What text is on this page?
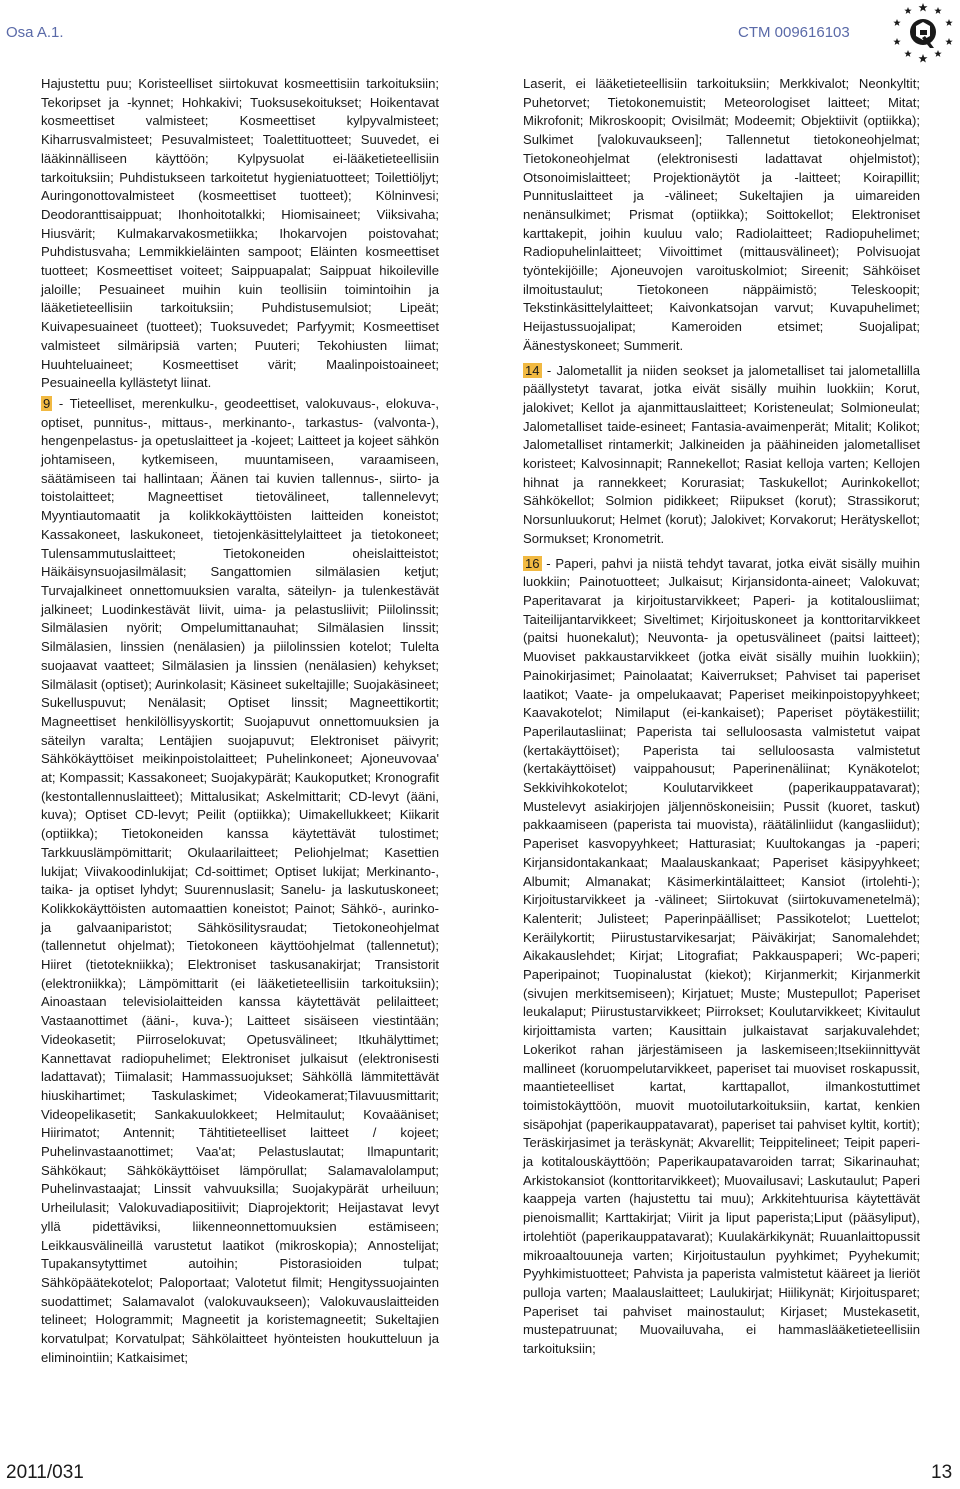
Osa A.1.	CTM 009616103

Hajustettu puu; Koristeelliset siirtokuvat kosmeettisiin tarkoituksiin; Tekoripset ja -kynnet; Hohkakivi; Tuoksusekoitukset; Hoikentavat kosmeettiset valmisteet; Kosmeettiset kylpyvalmisteet; Kiharrusvalmisteet; Pesuvalmisteet; Toalettituotteet; Suuvedet, ei lääkinnälliseen käyttöön; Kylpysuolat ei-lääketieteellisiin tarkoituksiin; Puhdistukseen tarkoitetut hygieniatuotteet; Toilettiöljyt; Auringonottovalmisteet (kosmeettiset tuotteet); Kölninvesi; Deodoranttisaippuat; Ihonhoitotalkki; Hiomisaineet; Viiksivaha; Hiusvärit; Kulmakarvakosmetiikka; Ihokarvojen poistovahat; Puhdistusvaha; Lemmikkieläinten sampoot; Eläinten kosmeettiset tuotteet; Kosmeettiset voiteet; Saippuapalat; Saippuat hikoileville jaloille; Pesuaineet muihin kuin teollisiin toimintoihin ja lääketieteellisiin tarkoituksiin; Puhdistusemulsiot; Lipeät; Kuivapesuaineet (tuotteet); Tuoksuvedet; Parfyymit; Kosmeettiset valmisteet silmäripsiä varten; Puuteri; Tekohiusten liimat; Huuhteluaineet; Kosmeettiset värit; Maalinpoistoaineet; Pesuaineella kyllästetyt liinat.

9 - Tieteelliset, merenkulku-, geodeettiset, valokuvaus-, elokuva-, optiset, punnitus-, mittaus-, merkinanto-, tarkastus- (valvonta-), hengenpelastus- ja opetuslaitteet ja -kojeet; Laitteet ja kojeet sähkön johtamiseen, kytkemiseen, muuntamiseen, varaamiseen, säätämiseen tai hallintaan; Äänen tai kuvien tallennus-, siirto- ja toistolaitteet; Magneettiset tietovälineet, tallennelevyt; Myyntiautomaatit ja kolikkokäyttöisten laitteiden koneistot; Kassakoneet, laskukoneet, tietojenkäsittelylaitteet ja tietokoneet; Tulensammutuslaitteet; Tietokoneiden oheislaitteistot; Häikäisynsuojasilmälasit; Sangattomien silmälasien ketjut; Turvajalkineet onnettomuuksien varalta, säteilyn- ja tulenkestävät jalkineet; Luodinkestävät liivit, uima- ja pelastusliivit; Piilolinssit; Silmälasien nyörit; Ompelumittanauhat; Silmälasien linssit; Silmälasien, linssien (nenälasien) ja piilolinssien kotelot; Tulelta suojaavat vaatteet; Silmälasien ja linssien (nenälasien) kehykset; Silmälasit (optiset); Aurinkolasit; Käsineet sukeltajille; Suojakäsineet; Sukelluspuvut; Nenälasit; Optiset linssit; Magneettikortit; Magneettiset henkilöllisyyskortit; Suojapuvut onnettomuuksien ja säteilyn varalta; Lentäjien suojapuvut; Elektroniset päivyrit; Sähkökäyttöiset meikinpoistolaitteet; Puhelinkoneet; Ajoneuvovaa' at; Kompassit; Kassakoneet; Suojakypärät; Kaukoputket; Kronografit (kestontallennuslaitteet); Mittalusikat; Askelmittarit; CD-levyt (ääni, kuva); Optiset CD-levyt; Peilit (optiikka); Uimakellukkeet; Kiikarit (optiikka); Tietokoneiden kanssa käytettävät tulostimet; Tarkkuuslämpömittarit; Okulaarilaitteet; Peliohjelmat; Kasettien lukijat; Viivakoodinlukijat; Cd-soittimet; Optiset lukijat; Merkinanto-, taika- ja optiset lyhdyt; Suurennuslasit; Sanelu- ja laskutuskoneet; Kolikkokäyttöisten automaattien koneistot; Painot; Sähkö-, aurinko- ja galvaaniparistot; Sähkösilitysraudat; Tietokoneohjelmat (tallennetut ohjelmat); Tietokoneen käyttöohjelmat (tallennetut); Hiiret (tietotekniikka); Elektroniset taskusanakirjat; Transistorit (elektroniikka); Lämpömittarit (ei lääketieteellisiin tarkoituksiin); Ainoastaan televisiolaitteiden kanssa käytettävät pelilaitteet; Vastaanottimet (ääni-, kuva-); Laitteet sisäiseen viestintään; Videokasetit; Piirroselokuvat; Opetusvälineet; Itkuhälyttimet; Kannettavat radiopuhelimet; Elektroniset julkaisut (elektronisesti ladattavat); Tiimalasit; Hammassuojukset; Sähköllä lämmitettävät hiuskihartimet; Taskulaskimet; Videokamerat;Tilavuusmittarit; Videopelikasetit; Sankakuulokkeet; Helmitaulut; Kovaääniset; Hiirimatot; Antennit; Tähtitieteelliset laitteet / kojeet; Puhelinvastaanottimet; Vaa'at; Pelastuslautat; Ilmapuntarit; Sähkökaut; Sähkökäyttöiset lämpörullat; Salamavalolamput; Puhelinvastaajat; Linssit vahvuuksilla; Suojakypärät urheiluun; Urheilulasit; Valokuvadiapositiivit; Diaprojektorit; Heijastavat levyt yllä pidettäviksi, liikenneonnettomuuksien estämiseen; Leikkausvälineillä varustetut laatikot (mikroskopia); Annostelijat; Tupakansytyttimet autoihin; Pistorasioiden tulpat; Sähköpäätekotelot; Paloportaat; Valotetut filmit; Hengityssuojainten suodattimet; Salamavalot (valokuvaukseen); Valokuvauslaitteiden telineet; Hologrammit; Magneetit ja koristemagneetit; Sukeltajien korvatulpat; Korvatulpat; Sähkölaitteet hyönteisten houkutteluun ja eliminointiin; Katkaisimet;

Laserit, ei lääketieteellisiin tarkoituksiin; Merkkivalot; Neonkyltit; Puhetorvet; Tietokonemuistit; Meteorologiset laitteet; Mitat; Mikrofonit; Mikroskoopit; Ovisilmät; Modeemit; Objektiivit (optiikka); Sulkimet [valokuvaukseen]; Tallennetut tietokoneohjelmat; Tietokoneohjelmat (elektronisesti ladattavat ohjelmistot); Otsonoimislaitteet; Projektionäytöt ja -laitteet; Koirapillit; Punnituslaitteet ja -välineet; Sukeltajien ja uimareiden nenänsulkimet; Prismat (optiikka); Soittokellot; Elektroniset karttakepit, joihin kuuluu valo; Radiolaitteet; Radiopuhelimet; Radiopuhelinlaitteet; Viivoittimet (mittausvälineet); Polvisuojat työntekijöille; Ajoneuvojen varoituskolmiot; Sireenit; Sähköiset ilmoitustaulut; Tietokoneen näppäimistö; Teleskoopit; Tekstinkäsittelylaitteet; Kaivonkatsojan varvut; Kuvapuhelimet; Heijastussuojalipat; Kameroiden etsimet; Suojalipat; Äänestyskoneet; Summerit.

14 - Jalometallit ja niiden seokset ja jalometalliset tai jalometallilla päällystetyt tavarat, jotka eivät sisälly muihin luokkiin; Korut, jalokivet; Kellot ja ajanmittauslaitteet; Koristeneulat; Solmioneulat; Jalometalliset taide-esineet; Fantasia-avaimenperät; Mitalit; Kolikot; Jalometalliset rintamerkit; Jalkineiden ja päähineiden jalometalliset koristeet; Kalvosinnapit; Rannekellot; Rasiat kelloja varten; Kellojen hihnat ja rannekkeet; Korurasiat; Taskukellot; Aurinkokellot; Sähkökellot; Solmion pidikkeet; Riipukset (korut); Strassikorut; Norsunluukorut; Helmet (korut); Jalokivet; Korvakorut; Herätyskellot; Sormukset; Kronometrit.

16 - Paperi, pahvi ja niistä tehdyt tavarat, jotka eivät sisälly muihin luokkiin; Painotuotteet; Julkaisut; Kirjansidonta-aineet; Valokuvat; Paperitavarat ja kirjoitustarvikkeet; Paperi- ja kotitalousliimat; Taiteilijantarvikkeet; Siveltimet; Kirjoituskoneet ja konttoritarvikkeet (paitsi huonekalut); Neuvonta- ja opetusvälineet (paitsi laitteet); Muoviset pakkaustarvikkeet (jotka eivät sisälly muihin luokkiin); Painokirjasimet; Painolaatat; Kaiverrukset; Pahviset tai paperiset laatikot; Vaate- ja ompelukaavat; Paperiset meikinpoistopyyhkeet; Kaavakotelot; Nimilaput (ei-kankaiset); Paperiset pöytäkestiilit; Paperilautasliinat; Paperista tai selluloosasta valmistetut vaipat (kertakäyttöiset); Paperista tai selluloosasta valmistetut (kertakäyttöiset) vaippahousut; Paperinenäliinat; Kynäkotelot; Sekkivihkokotelot; Koulutarvikkeet (paperikauppatavarat); Mustelevyt asiakirjojen jäljennöskoneisiin; Pussit (kuoret, taskut) pakkaamiseen (paperista tai muovista), räätälinliidut (kangasliidut); Paperiset kasvopyyhkeet; Hatturasiat; Kuultokangas ja -paperi; Kirjansidontakankaat; Maalauskankaat; Paperiset käsipyyhkeet; Albumit; Almanakat; Käsimerkintälaitteet; Kansiot (irtolehti-); Kirjoitustarvikkeet ja -välineet; Siirtokuvat (siirtokuvamenetelmä); Kalenterit; Julisteet; Paperinpäälliset; Passikotelot; Luettelot; Keräilykortit; Piirustustarvikesarjat; Päiväkirjat; Sanomalehdet; Aikakauslehdet; Kirjat; Litografiat; Pakkauspaperi; Wc-paperi; Paperipainot; Tuopinalustat (kiekot); Kirjanmerkit; Kirjanmerkit (sivujen merkitsemiseen); Kirjatuet; Muste; Mustepullot; Paperiset leukalaput; Piirustustarvikkeet; Piirrokset; Koulutarvikkeet; Kivitaulut kirjoittamista varten; Kausittain julkaistavat sarjakuvalehdet; Lokerikot rahan järjestämiseen ja laskemiseen;Itsekiinnittyvät mallineet (koruompelutarvikkeet, paperiset tai muoviset roskapussit, maantieteelliset kartat, karttapallot, ilmankostuttimet toimistokäyttöön, muovit muotoilutarkoituksiin, kartat, kenkien sisäpohjat (paperikauppatavarat), paperiset tai pahviset kyltit, kortit); Teräskirjasimet ja teräskynät; Akvarellit; Teippitelineet; Teipit paperi- ja kotitalouskäyttöön; Paperikaupatavaroiden tarrat; Sikarinauhat; Arkistokansiot (konttoritarvikkeet); Muovailusavi; Laskutaulut; Paperi kaappeja varten (hajustettu tai muu); Arkkitehtuurisa käytettävät pienoismallit; Karttakirjat; Viirit ja liput paperista;Liput (pääsyliput), irtolehtiöt (paperikauppatavarat); Kuulakärkikynät; Ruuanlaittopussit mikroaaltouuneja varten; Kirjoitustaulun pyyhkimet; Pyyhekumit; Pyyhkimistuotteet; Pahvista ja paperista valmistetut kääreet ja lieriöt pulloja varten; Maalauslaitteet; Laulukirjat; Hiilikynät; Kirjoitusparet; Paperiset tai pahviset mainostaulut; Kirjaset; Mustekasetit, mustepatruunat; Muovailuvaha, ei hammaslääketieteellisiin tarkoituksiin;

2011/031	13
